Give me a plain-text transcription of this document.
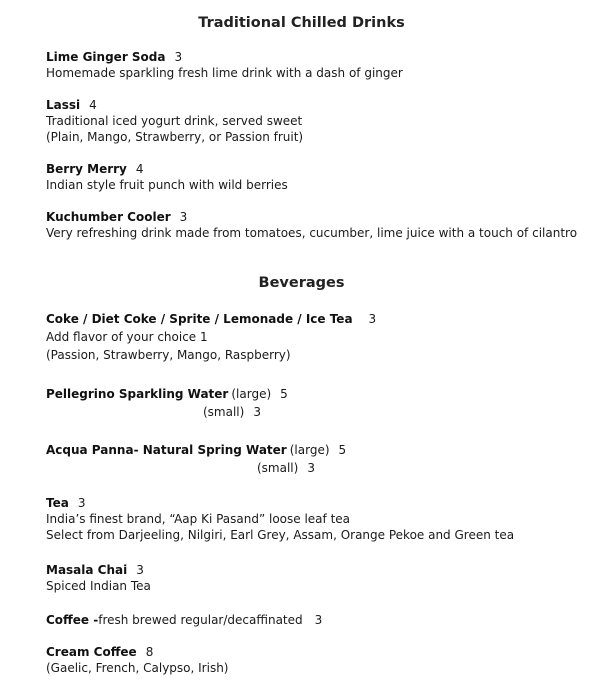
Traditional Chilled Drinks
Lime Ginger Soda 3
Homemade sparkling fresh lime drink with a dash of ginger
Lassi 4
Traditional iced yogurt drink, served sweet
(Plain, Mango, Strawberry, or Passion fruit)
Berry Merry 4
Indian style fruit punch with wild berries
Kuchumber Cooler 3
Very refreshing drink made from tomatoes, cucumber, lime juice with a touch of cilantro
Beverages
Coke / Diet Coke / Sprite / Lemonade / Ice Tea 3
Add flavor of your choice 1
(Passion, Strawberry, Mango, Raspberry)
Pellegrino Sparkling Water (large) 5
(small) 3
Acqua Panna- Natural Spring Water (large) 5
(small) 3
Tea 3
India’s finest brand, “Aap Ki Pasand” loose leaf tea
Select from Darjeeling, Nilgiri, Earl Grey, Assam, Orange Pekoe and Green tea
Masala Chai 3
Spiced Indian Tea
Coffee -fresh brewed regular/decaffinated 3
Cream Coffee 8
(Gaelic, French, Calypso, Irish)
